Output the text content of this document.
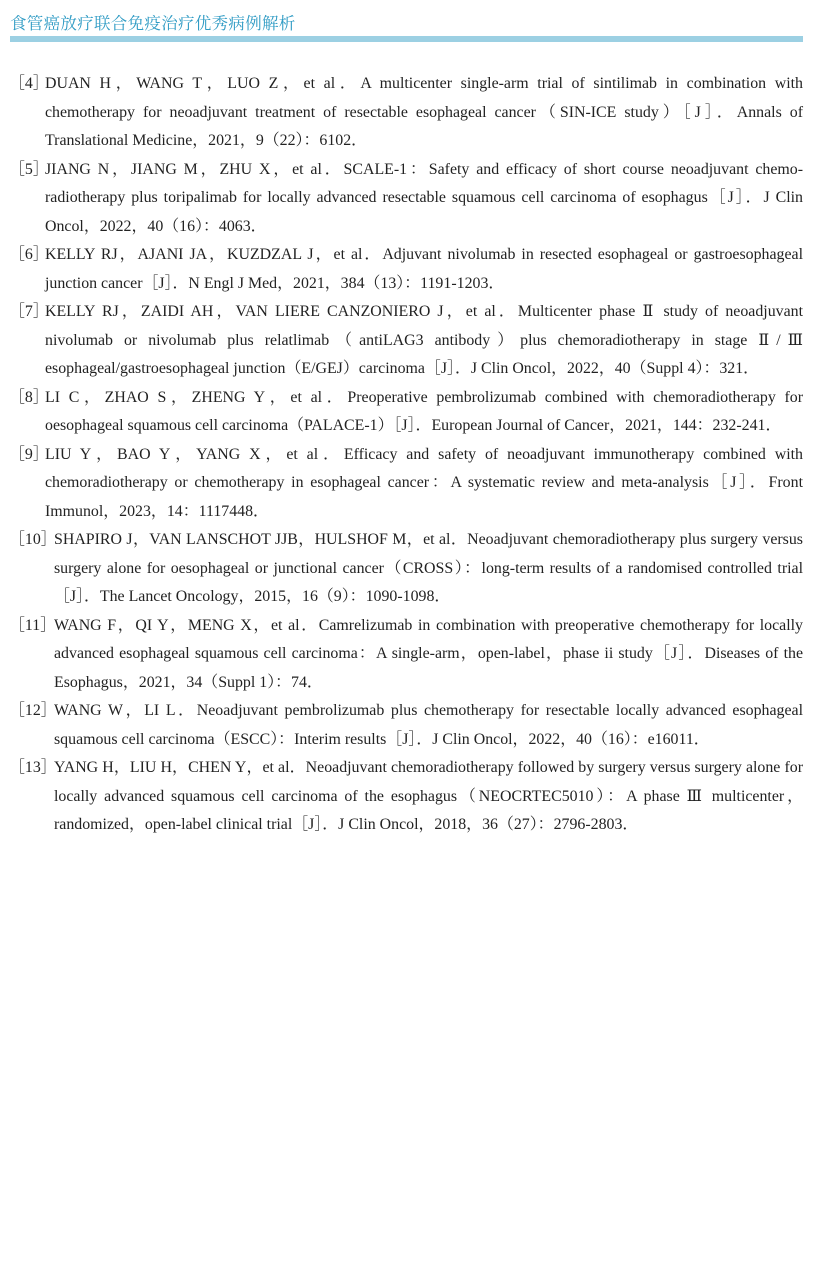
食管癌放疗联合免疫治疗优秀病例解析
［4］
DUAN H，WANG T，LUO Z，et al．A multicenter single-arm trial of sintilimab in combination with chemotherapy for neoadjuvant treatment of resectable esophageal cancer（SIN-ICE study）［J］．Annals of Translational Medicine，2021，9（22）：6102．
［5］
JIANG N，JIANG M，ZHU X，et al．SCALE-1：Safety and efficacy of short course neoadjuvant chemo-radiotherapy plus toripalimab for locally advanced resectable squamous cell carcinoma of esophagus［J］．J Clin Oncol，2022，40（16）：4063．
［6］
KELLY RJ，AJANI JA，KUZDZAL J，et al．Adjuvant nivolumab in resected esophageal or gastroesophageal junction cancer［J］．N Engl J Med，2021，384（13）：1191-1203．
［7］
KELLY RJ，ZAIDI AH，VAN LIERE CANZONIERO J，et al．Multicenter phase Ⅱ study of neoadjuvant nivolumab or nivolumab plus relatlimab（antiLAG3 antibody）plus chemoradiotherapy in stage Ⅱ/Ⅲ esophageal/gastroesophageal junction（E/GEJ）carcinoma［J］．J Clin Oncol，2022，40（Suppl 4）：321．
［8］
LI C，ZHAO S，ZHENG Y，et al．Preoperative pembrolizumab combined with chemoradiotherapy for oesophageal squamous cell carcinoma（PALACE-1）［J］．European Journal of Cancer，2021，144：232-241．
［9］
LIU Y，BAO Y，YANG X，et al．Efficacy and safety of neoadjuvant immunotherapy combined with chemoradiotherapy or chemotherapy in esophageal cancer：A systematic review and meta-analysis［J］．Front Immunol，2023，14：1117448．
［10］
SHAPIRO J，VAN LANSCHOT JJB，HULSHOF M，et al．Neoadjuvant chemoradiotherapy plus surgery versus surgery alone for oesophageal or junctional cancer（CROSS）：long-term results of a randomised controlled trial［J］．The Lancet Oncology，2015，16（9）：1090-1098．
［11］
WANG F，QI Y，MENG X，et al．Camrelizumab in combination with preoperative chemotherapy for locally advanced esophageal squamous cell carcinoma：A single-arm，open-label，phase ii study［J］．Diseases of the Esophagus，2021，34（Suppl 1）：74．
［12］
WANG W，LI L．Neoadjuvant pembrolizumab plus chemotherapy for resectable locally advanced esophageal squamous cell carcinoma（ESCC）：Interim results［J］．J Clin Oncol，2022，40（16）：e16011．
［13］
YANG H，LIU H，CHEN Y，et al．Neoadjuvant chemoradiotherapy followed by surgery versus surgery alone for locally advanced squamous cell carcinoma of the esophagus（NEOCRTEC5010）：A phase Ⅲ multicenter，randomized，open-label clinical trial［J］．J Clin Oncol，2018，36（27）：2796-2803．
